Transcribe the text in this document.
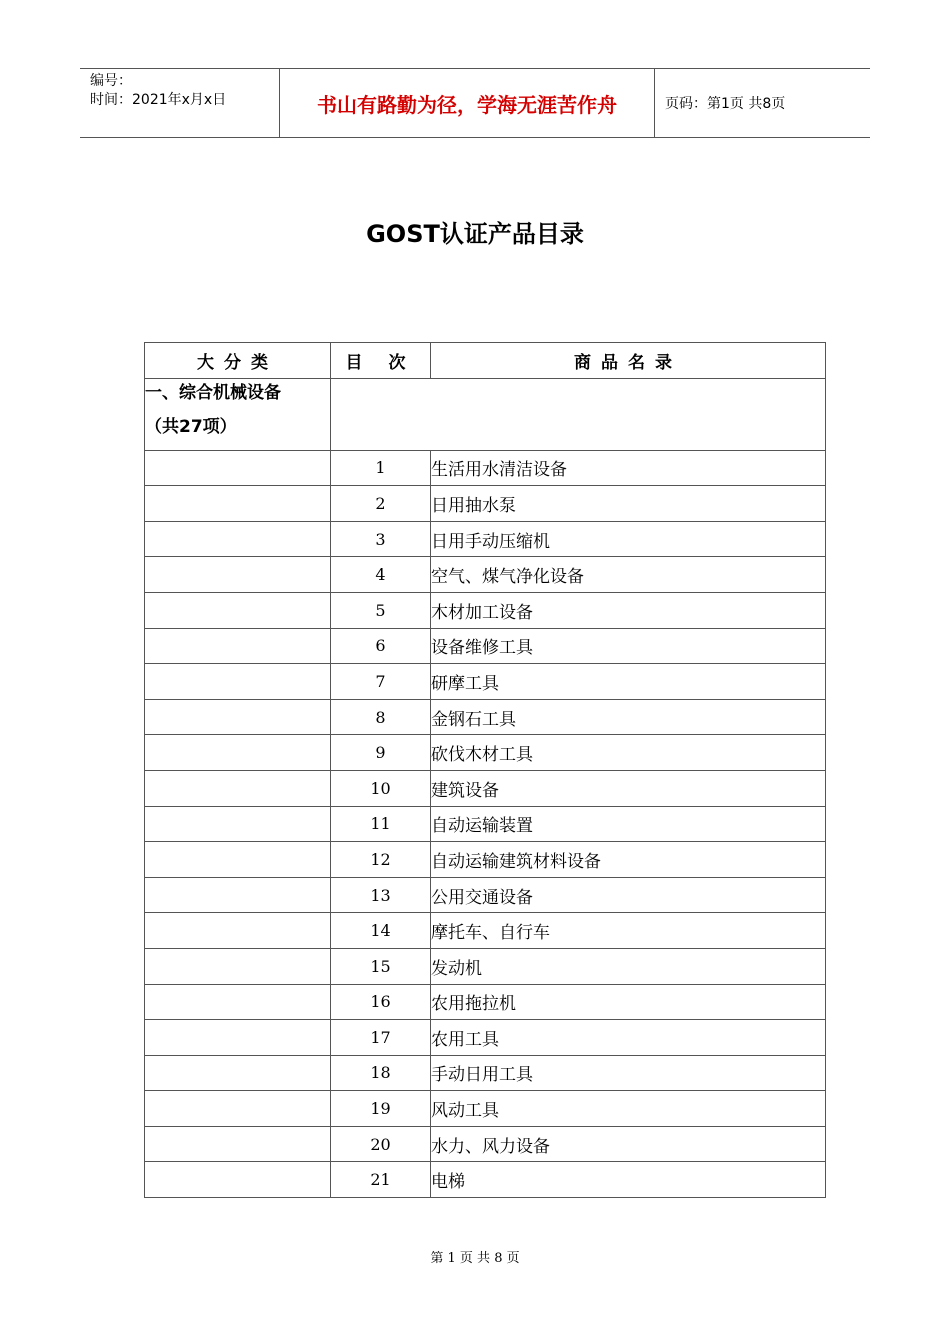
编号：
时间：2021年x月x日	书山有路勤为径，学海无涯苦作舟	页码：第1页 共8页
GOST认证产品目录
大分类	目 次	商品名录

一、综合机械设备
（共27项）		

	1	生活用水清洁设备
	2	日用抽水泵
	3	日用手动压缩机
	4	空气、煤气净化设备
	5	木材加工设备
	6	设备维修工具
	7	研摩工具
	8	金钢石工具
	9	砍伐木材工具
	10	建筑设备
	11	自动运输装置
	12	自动运输建筑材料设备
	13	公用交通设备
	14	摩托车、自行车
	15	发动机
	16	农用拖拉机
	17	农用工具
	18	手动日用工具
	19	风动工具
	20	水力、风力设备
	21	电梯
第 1 页 共 8 页
